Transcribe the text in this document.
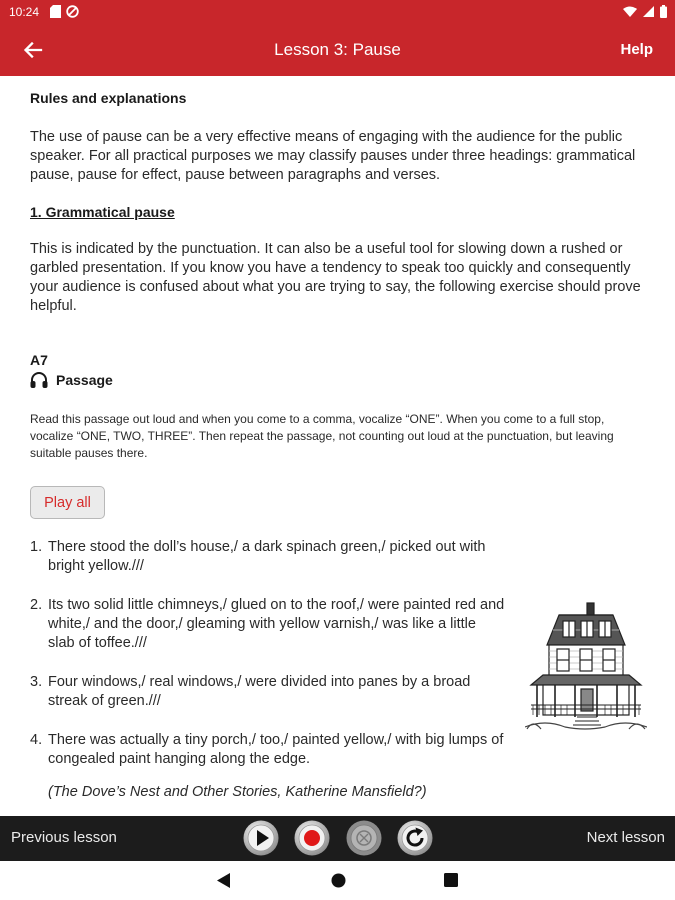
10:24
Lesson 3: Pause	Help
Rules and explanations
The use of pause can be a very effective means of engaging with the audience for the public speaker. For all practical purposes we may classify pauses under three headings: grammatical pause, pause for effect, pause between paragraphs and verses.
1. Grammatical pause
This is indicated by the punctuation. It can also be a useful tool for slowing down a rushed or garbled presentation. If you know you have a tendency to speak too quickly and consequently your audience is confused about what you are trying to say, the following exercise should prove helpful.
A7
Passage
Read this passage out loud and when you come to a comma, vocalize “ONE”. When you come to a full stop, vocalize “ONE, TWO, THREE”. Then repeat the passage, not counting out loud at the punctuation, but leaving suitable pauses there.
Play all
1. There stood the doll’s house,/ a dark spinach green,/ picked out with bright yellow.///
2. Its two solid little chimneys,/ glued on to the roof,/ were painted red and white,/ and the door,/ gleaming with yellow varnish,/ was like a little slab of toffee.///
3. Four windows,/ real windows,/ were divided into panes by a broad streak of green.///
4. There was actually a tiny porch,/ too,/ painted yellow,/ with big lumps of congealed paint hanging along the edge.
(The Dove’s Nest and Other Stories, Katherine Mansfield?)
Previous lesson	Next lesson
